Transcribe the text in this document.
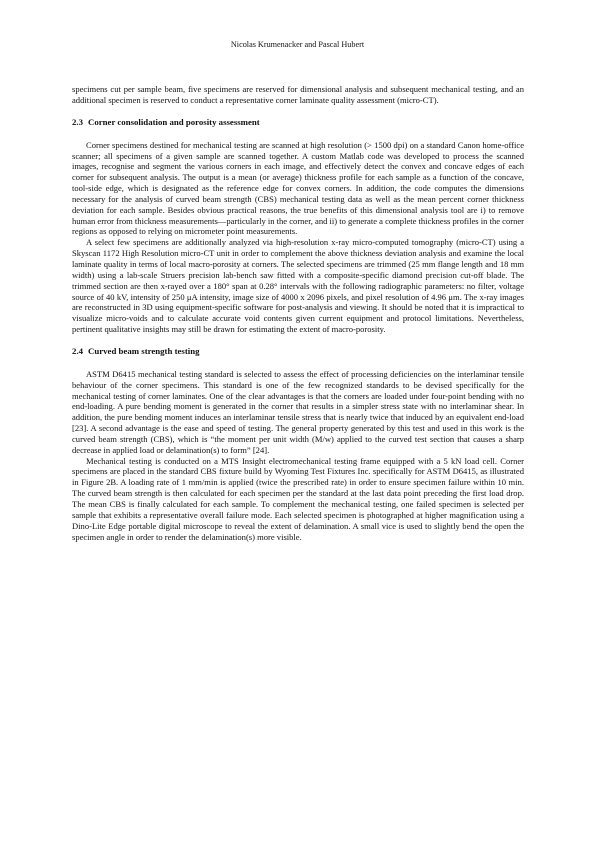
Nicolas Krumenacker and Pascal Hubert

specimens cut per sample beam, five specimens are reserved for dimensional analysis and subsequent mechanical testing, and an additional specimen is reserved to conduct a representative corner laminate quality assessment (micro-CT).

2.3 Corner consolidation and porosity assessment

Corner specimens destined for mechanical testing are scanned at high resolution (> 1500 dpi) on a standard Canon home-office scanner; all specimens of a given sample are scanned together. A custom Matlab code was developed to process the scanned images, recognise and segment the various corners in each image, and effectively detect the convex and concave edges of each corner for subsequent analysis. The output is a mean (or average) thickness profile for each sample as a function of the concave, tool-side edge, which is designated as the reference edge for convex corners. In addition, the code computes the dimensions necessary for the analysis of curved beam strength (CBS) mechanical testing data as well as the mean percent corner thickness deviation for each sample. Besides obvious practical reasons, the true benefits of this dimensional analysis tool are i) to remove human error from thickness measurements—particularly in the corner, and ii) to generate a complete thickness profiles in the corner regions as opposed to relying on micrometer point measurements.

A select few specimens are additionally analyzed via high-resolution x-ray micro-computed tomography (micro-CT) using a Skyscan 1172 High Resolution micro-CT unit in order to complement the above thickness deviation analysis and examine the local laminate quality in terms of local macro-porosity at corners. The selected specimens are trimmed (25 mm flange length and 18 mm width) using a lab-scale Struers precision lab-bench saw fitted with a composite-specific diamond precision cut-off blade. The trimmed section are then x-rayed over a 180° span at 0.28° intervals with the following radiographic parameters: no filter, voltage source of 40 kV, intensity of 250 μA intensity, image size of 4000 x 2096 pixels, and pixel resolution of 4.96 μm. The x-ray images are reconstructed in 3D using equipment-specific software for post-analysis and viewing. It should be noted that it is impractical to visualize micro-voids and to calculate accurate void contents given current equipment and protocol limitations. Nevertheless, pertinent qualitative insights may still be drawn for estimating the extent of macro-porosity.

2.4 Curved beam strength testing

ASTM D6415 mechanical testing standard is selected to assess the effect of processing deficiencies on the interlaminar tensile behaviour of the corner specimens. This standard is one of the few recognized standards to be devised specifically for the mechanical testing of corner laminates. One of the clear advantages is that the corners are loaded under four-point bending with no end-loading. A pure bending moment is generated in the corner that results in a simpler stress state with no interlaminar shear. In addition, the pure bending moment induces an interlaminar tensile stress that is nearly twice that induced by an equivalent end-load [23]. A second advantage is the ease and speed of testing. The general property generated by this test and used in this work is the curved beam strength (CBS), which is “the moment per unit width (M/w) applied to the curved test section that causes a sharp decrease in applied load or delamination(s) to form” [24].

Mechanical testing is conducted on a MTS Insight electromechanical testing frame equipped with a 5 kN load cell. Corner specimens are placed in the standard CBS fixture build by Wyoming Test Fixtures Inc. specifically for ASTM D6415, as illustrated in Figure 2B. A loading rate of 1 mm/min is applied (twice the prescribed rate) in order to ensure specimen failure within 10 min. The curved beam strength is then calculated for each specimen per the standard at the last data point preceding the first load drop. The mean CBS is finally calculated for each sample. To complement the mechanical testing, one failed specimen is selected per sample that exhibits a representative overall failure mode. Each selected specimen is photographed at higher magnification using a Dino-Lite Edge portable digital microscope to reveal the extent of delamination. A small vice is used to slightly bend the open the specimen angle in order to render the delamination(s) more visible.
